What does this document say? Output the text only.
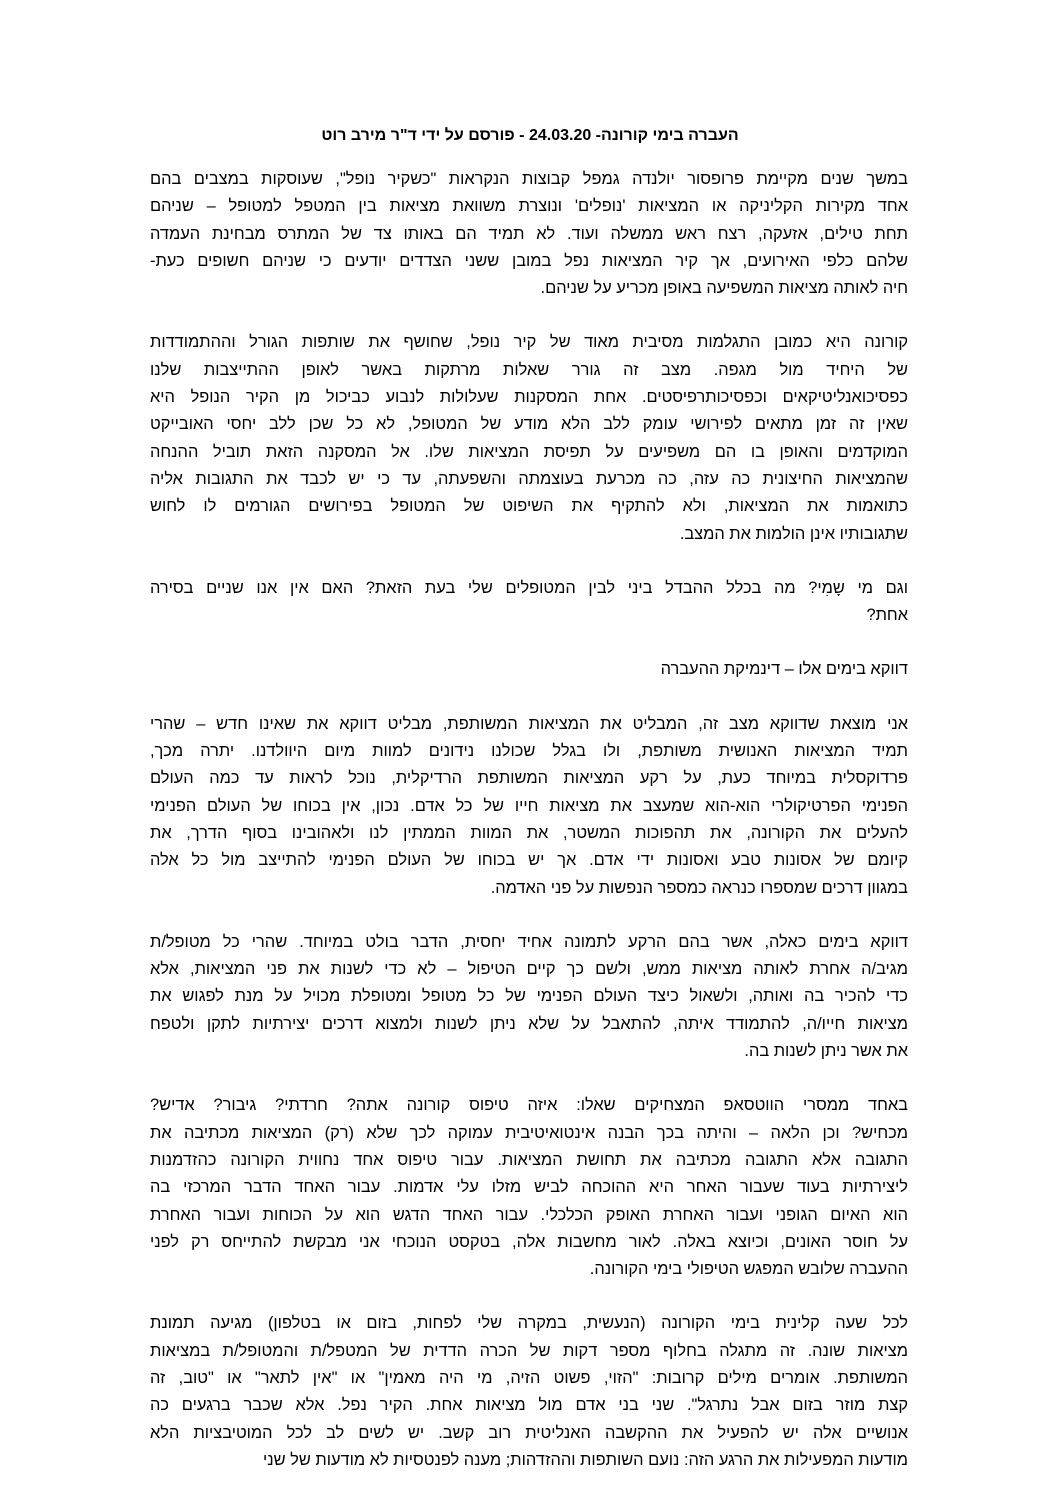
העברה בימי קורונה- 24.03.20 - פורסם על ידי ד"ר מירב רוט
במשך שנים מקיימת פרופסור יולנדה גמפל קבוצות הנקראות "כשקיר נופל", שעוסקות במצבים בהם
אחד מקירות הקליניקה או המציאות 'נופלים' ונוצרת משוואת מציאות בין המטפל למטופל – שניהם
תחת טילים, אזעקה, רצח ראש ממשלה ועוד. לא תמיד הם באותו צד של המתרס מבחינת העמדה
שלהם כלפי האירועים, אך קיר המציאות נפל במובן ששני הצדדים יודעים כי שניהם חשופים כעת-
חיה לאותה מציאות המשפיעה באופן מכריע על שניהם.
קורונה היא כמובן התגלמות מסיבית מאוד של קיר נופל, שחושף את שותפות הגורל וההתמודדות
של היחיד מול מגפה. מצב זה גורר שאלות מרתקות באשר לאופן ההתייצבות שלנו
כפסיכואנליטיקאים וכפסיכותרפיסטים. אחת המסקנות שעלולות לנבוע כביכול מן הקיר הנופל היא
שאין זה זמן מתאים לפירושי עומק ללב הלא מודע של המטופל, לא כל שכן ללב יחסי האובייקט
המוקדמים והאופן בו הם משפיעים על תפיסת המציאות שלו. אל המסקנה הזאת תוביל ההנחה
שהמציאות החיצונית כה עזה, כה מכרעת בעוצמתה והשפעתה, עד כי יש לכבד את התגובות אליה
כתואמות את המציאות, ולא להתקיף את השיפוט של המטופל בפירושים הגורמים לו לחוש
שתגובותיו אינן הולמות את המצב.
וגם מי שָמִי? מה בכלל ההבדל ביני לבין המטופלים שלי בעת הזאת? האם אין אנו שניים בסירה
אחת?
דווקא בימים אלו – דינמיקת ההעברה
אני מוצאת שדווקא מצב זה, המבליט את המציאות המשותפת, מבליט דווקא את שאינו חדש – שהרי
תמיד המציאות האנושית משותפת, ולו בגלל שכולנו נידונים למוות מיום היוולדנו. יתרה מכך,
פרדוקסלית במיוחד כעת, על רקע המציאות המשותפת הרדיקלית, נוכל לראות עד כמה העולם
הפנימי הפרטיקולרי הוא-הוא שמעצב את מציאות חייו של כל אדם. נכון, אין בכוחו של העולם הפנימי
להעלים את הקורונה, את תהפוכות המשטר, את המוות הממתין לנו ולאהובינו בסוף הדרך, את
קיומם של אסונות טבע ואסונות ידי אדם. אך יש בכוחו של העולם הפנימי להתייצב מול כל אלה
במגוון דרכים שמספרו כנראה כמספר הנפשות על פני האדמה.
דווקא בימים כאלה, אשר בהם הרקע לתמונה אחיד יחסית, הדבר בולט במיוחד. שהרי כל מטופל/ת
מגיב/ה אחרת לאותה מציאות ממש, ולשם כך קיים הטיפול – לא כדי לשנות את פני המציאות, אלא
כדי להכיר בה ואותה, ולשאול כיצד העולם הפנימי של כל מטופל ומטופלת מכויל על מנת לפגוש את
מציאות חייו/ה, להתמודד איתה, להתאבל על שלא ניתן לשנות ולמצוא דרכים יצירתיות לתקן ולטפח
את אשר ניתן לשנות בה.
באחד ממסרי הווטסאפ המצחיקים שאלו: איזה טיפוס קורונה אתה? חרדתי? גיבור? אדיש?
מכחיש? וכן הלאה – והיתה בכך הבנה אינטואיטיבית עמוקה לכך שלא (רק) המציאות מכתיבה את
התגובה אלא התגובה מכתיבה את תחושת המציאות. עבור טיפוס אחד נחווית הקורונה כהזדמנות
ליצירתיות בעוד שעבור האחר היא ההוכחה לביש מזלו עלי אדמות. עבור האחד הדבר המרכזי בה
הוא האיום הגופני ועבור האחרת האופק הכלכלי. עבור האחד הדגש הוא על הכוחות ועבור האחרת
על חוסר האונים, וכיוצא באלה. לאור מחשבות אלה, בטקסט הנוכחי אני מבקשת להתייחס רק לפני
ההעברה שלובש המפגש הטיפולי בימי הקורונה.
לכל שעה קלינית בימי הקורונה (הנעשית, במקרה שלי לפחות, בזום או בטלפון) מגיעה תמונת
מציאות שונה. זה מתגלה בחלוף מספר דקות של הכרה הדדית של המטפל/ת והמטופל/ת במציאות
המשותפת. אומרים מילים קרובות: "הזוי, פשוט הזיה, מי היה מאמין" או "אין לתאר" או "טוב, זה
קצת מוזר בזום אבל נתרגל". שני בני אדם מול מציאות אחת. הקיר נפל. אלא שכבר ברגעים כה
אנושיים אלה יש להפעיל את ההקשבה האנליטית רוב קשב. יש לשים לב לכל המוטיבציות הלא
מודעות המפעילות את הרגע הזה: נועם השותפות וההזדהות; מענה לפנטסיות לא מודעות של שני
